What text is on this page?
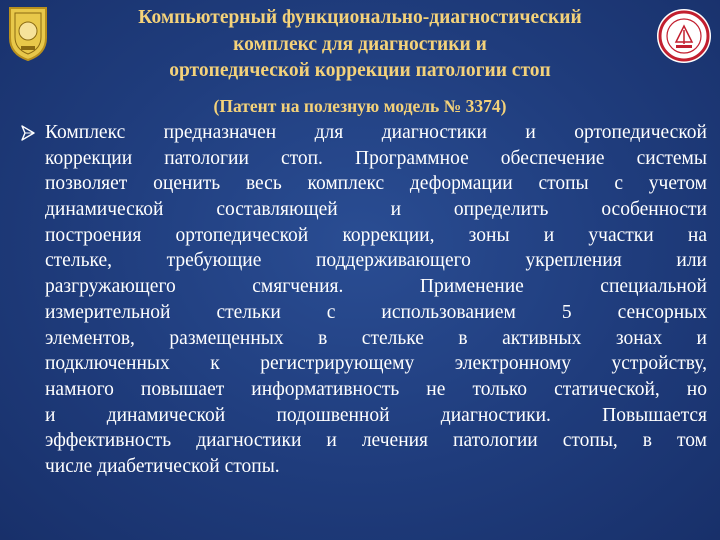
Компьютерный функционально-диагностический
комплекс для диагностики и
ортопедической коррекции патологии стоп
(Патент на полезную модель № 3374)
Комплекс предназначен для диагностики и ортопедической
коррекции патологии стоп. Программное обеспечение системы
позволяет оценить весь комплекс деформации стопы с учетом
динамической составляющей и определить особенности
построения ортопедической коррекции, зоны и участки на
стельке, требующие поддерживающего укрепления или
разгружающего смягчения. Применение специальной
измерительной стельки с использованием 5 сенсорных
элементов, размещенных в стельке в активных зонах и
подключенных к регистрирующему электронному устройству,
намного повышает информативность не только статической, но
и динамической подошвенной диагностики. Повышается
эффективность диагностики и лечения патологии стопы, в том
числе диабетической стопы.
